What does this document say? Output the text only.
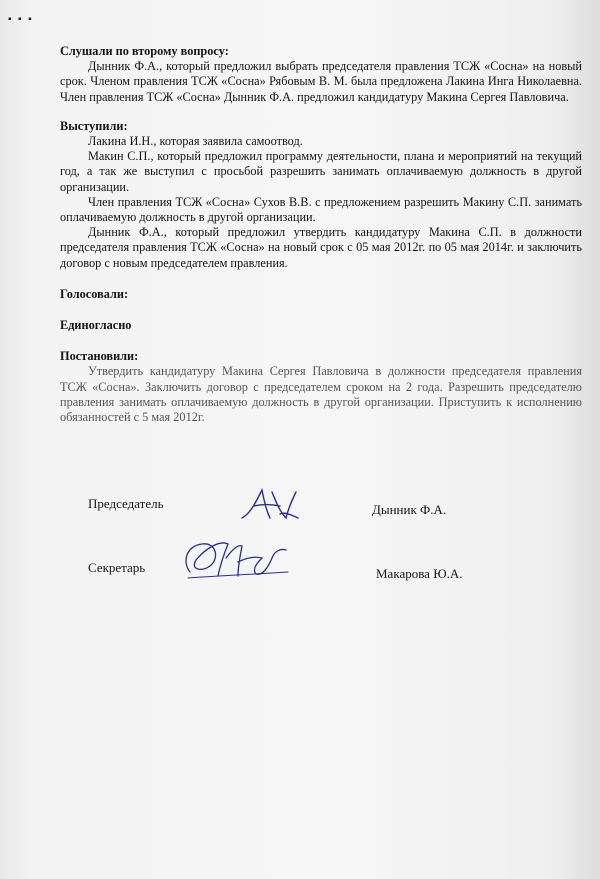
▪ ▪ ▪
Слушали по второму вопросу:

Дынник Ф.А., который предложил выбрать председателя правления ТСЖ «Сосна» на новый срок. Членом правления ТСЖ «Сосна» Рябовым В. М. была предложена Лакина Инга Николаевна. Член правления ТСЖ «Сосна» Дынник Ф.А. предложил кандидатуру Макина Сергея Павловича.

Выступили:

Лакина И.Н., которая заявила самоотвод.

Макин С.П., который предложил программу деятельности, плана и мероприятий на текущий год, а так же выступил с просьбой разрешить занимать оплачиваемую должность в другой организации.

Член правления ТСЖ «Сосна» Сухов В.В. с предложением разрешить Макину С.П. занимать оплачиваемую должность в другой организации.

Дынник Ф.А., который предложил утвердить кандидатуру Макина С.П. в должности председателя правления ТСЖ «Сосна» на новый срок с 05 мая 2012г. по 05 мая 2014г. и заключить договор с новым председателем правления.

Голосовали:
Единогласно
Постановили:

Утвердить кандидатуру Макина Сергея Павловича в должности председателя правления ТСЖ «Сосна». Заключить договор с председателем сроком на 2 года. Разрешить председателю правления занимать оплачиваемую должность в другой организации. Приступить к исполнению обязанностей с 5 мая 2012г.

Председатель	Дынник Ф.А.
Секретарь	Макарова Ю.А.
